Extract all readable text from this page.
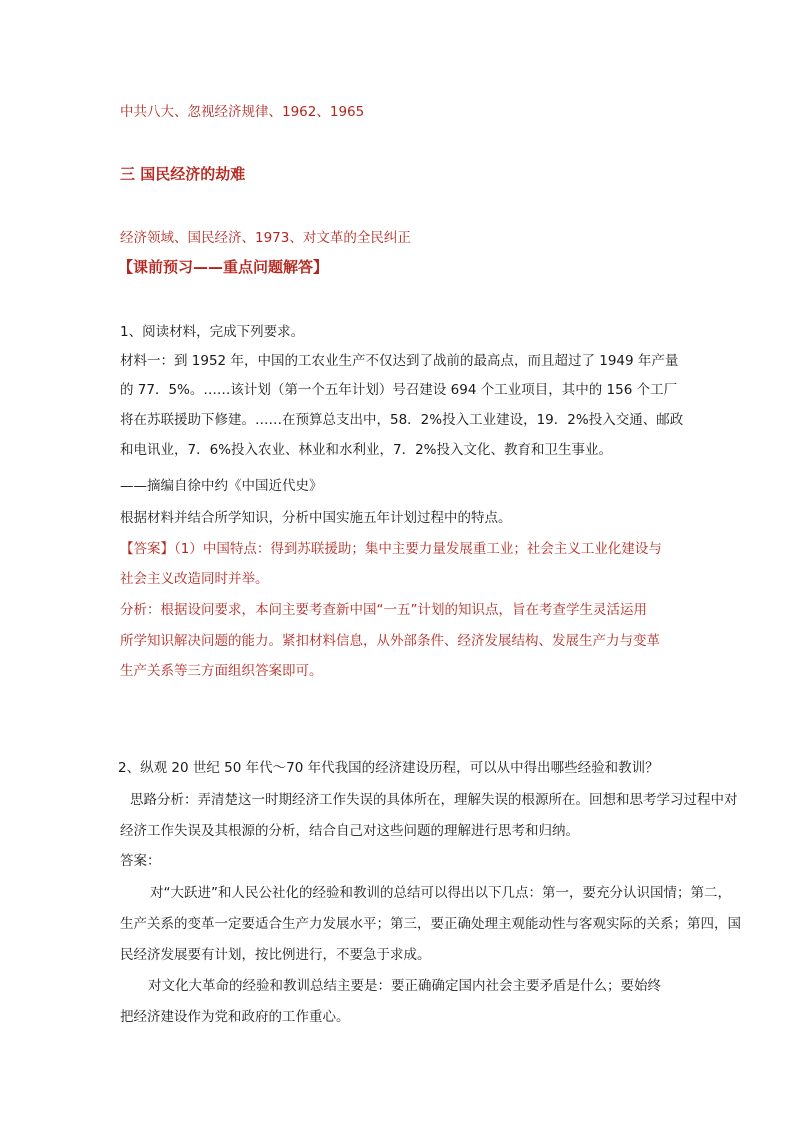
中共八大、忽视经济规律、1962、1965
三 国民经济的劫难
经济领域、国民经济、1973、对文革的全民纠正
【课前预习——重点问题解答】
1、阅读材料，完成下列要求。
材料一：到 1952 年，中国的工农业生产不仅达到了战前的最高点，而且超过了 1949 年产量
的 77．5%。……该计划（第一个五年计划）号召建设 694 个工业项目，其中的 156 个工厂
将在苏联援助下修建。……在预算总支出中，58．2%投入工业建设，19．2%投入交通、邮政
和电讯业，7．6%投入农业、林业和水利业，7．2%投入文化、教育和卫生事业。
——摘编自徐中约《中国近代史》
根据材料并结合所学知识，分析中国实施五年计划过程中的特点。
【答案】（1）中国特点：得到苏联援助；集中主要力量发展重工业；社会主义工业化建设与
社会主义改造同时并举。
分析：根据设问要求，本问主要考查新中国“一五”计划的知识点，旨在考查学生灵活运用
所学知识解决问题的能力。紧扣材料信息，从外部条件、经济发展结构、发展生产力与变革
生产关系等三方面组织答案即可。
2、纵观 20 世纪 50 年代～70 年代我国的经济建设历程，可以从中得出哪些经验和教训？
思路分析：弄清楚这一时期经济工作失误的具体所在，理解失误的根源所在。回想和思考学习过程中对
经济工作失误及其根源的分析，结合自己对这些问题的理解进行思考和归纳。
答案：
对“大跃进”和人民公社化的经验和教训的总结可以得出以下几点：第一，要充分认识国情；第二，
生产关系的变革一定要适合生产力发展水平；第三，要正确处理主观能动性与客观实际的关系；第四，国
民经济发展要有计划，按比例进行，不要急于求成。
对文化大革命的经验和教训总结主要是：要正确确定国内社会主要矛盾是什么；要始终
把经济建设作为党和政府的工作重心。
